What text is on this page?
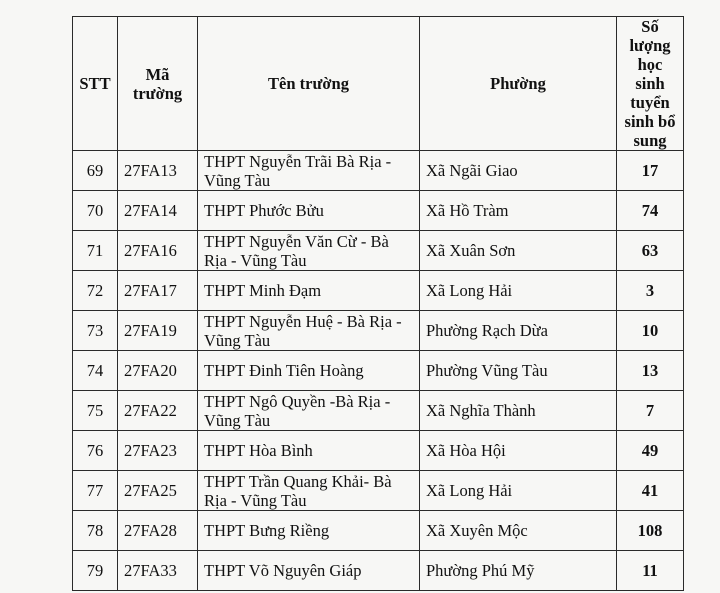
STT	Mã trường	Tên trường	Phường	Số lượng học sinh tuyển sinh bổ sung
69	27FA13	THPT Nguyễn Trãi Bà Rịa - Vũng Tàu	Xã Ngãi Giao	17
70	27FA14	THPT Phước Bửu	Xã Hồ Tràm	74
71	27FA16	THPT Nguyễn Văn Cừ - Bà Rịa - Vũng Tàu	Xã Xuân Sơn	63
72	27FA17	THPT Minh Đạm	Xã Long Hải	3
73	27FA19	THPT Nguyễn Huệ - Bà Rịa - Vũng Tàu	Phường Rạch Dừa	10
74	27FA20	THPT Đinh Tiên Hoàng	Phường Vũng Tàu	13
75	27FA22	THPT Ngô Quyền -Bà Rịa - Vũng Tàu	Xã Nghĩa Thành	7
76	27FA23	THPT Hòa Bình	Xã Hòa Hội	49
77	27FA25	THPT Trần Quang Khải- Bà Rịa - Vũng Tàu	Xã Long Hải	41
78	27FA28	THPT Bưng Riềng	Xã Xuyên Mộc	108
79	27FA33	THPT Võ Nguyên Giáp	Phường Phú Mỹ	11
